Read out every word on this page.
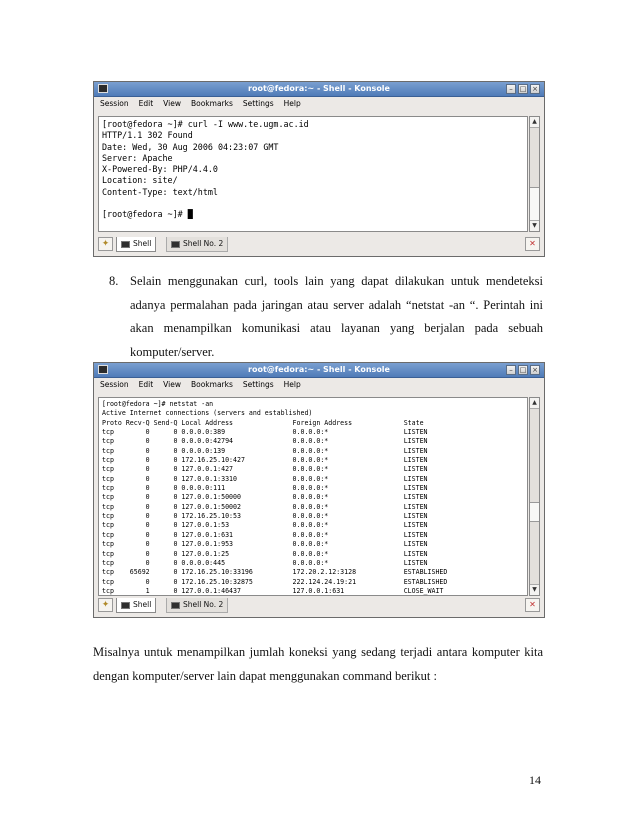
root@fedora:~ - Shell - Konsole	– □ ×
Session Edit View Bookmarks Settings Help
[root@fedora ~]# curl -I www.te.ugm.ac.id
HTTP/1.1 302 Found
Date: Wed, 30 Aug 2006 04:23:07 GMT
Server: Apache
X-Powered-By: PHP/4.4.0
Location: site/
Content-Type: text/html

[root@fedora ~]# █
▲
▼
✦	Shell	Shell No. 2	✕
8. Selain menggunakan curl, tools lain yang dapat dilakukan untuk mendeteksi adanya permalahan pada jaringan atau server adalah “netstat -an “. Perintah ini akan menampilkan komunikasi atau layanan yang berjalan pada sebuah komputer/server.
root@fedora:~ - Shell - Konsole	– □ ×
Session Edit View Bookmarks Settings Help
[root@fedora ~]# netstat -an
Active Internet connections (servers and established)
Proto Recv-Q Send-Q Local Address               Foreign Address             State
tcp        0      0 0.0.0.0:389                 0.0.0.0:*                   LISTEN
tcp        0      0 0.0.0.0:42794               0.0.0.0:*                   LISTEN
tcp        0      0 0.0.0.0:139                 0.0.0.0:*                   LISTEN
tcp        0      0 172.16.25.10:427            0.0.0.0:*                   LISTEN
tcp        0      0 127.0.0.1:427               0.0.0.0:*                   LISTEN
tcp        0      0 127.0.0.1:3310              0.0.0.0:*                   LISTEN
tcp        0      0 0.0.0.0:111                 0.0.0.0:*                   LISTEN
tcp        0      0 127.0.0.1:50000             0.0.0.0:*                   LISTEN
tcp        0      0 127.0.0.1:50002             0.0.0.0:*                   LISTEN
tcp        0      0 172.16.25.10:53             0.0.0.0:*                   LISTEN
tcp        0      0 127.0.0.1:53                0.0.0.0:*                   LISTEN
tcp        0      0 127.0.0.1:631               0.0.0.0:*                   LISTEN
tcp        0      0 127.0.0.1:953               0.0.0.0:*                   LISTEN
tcp        0      0 127.0.0.1:25                0.0.0.0:*                   LISTEN
tcp        0      0 0.0.0.0:445                 0.0.0.0:*                   LISTEN
tcp    65692      0 172.16.25.10:33196          172.20.2.12:3128            ESTABLISHED
tcp        0      0 172.16.25.10:32875          222.124.24.19:21            ESTABLISHED
tcp        1      0 127.0.0.1:46437             127.0.0.1:631               CLOSE_WAIT
▲
▼
✦	Shell	Shell No. 2	✕
Misalnya untuk menampilkan jumlah koneksi yang sedang terjadi antara komputer kita dengan komputer/server lain dapat menggunakan command berikut :
14
